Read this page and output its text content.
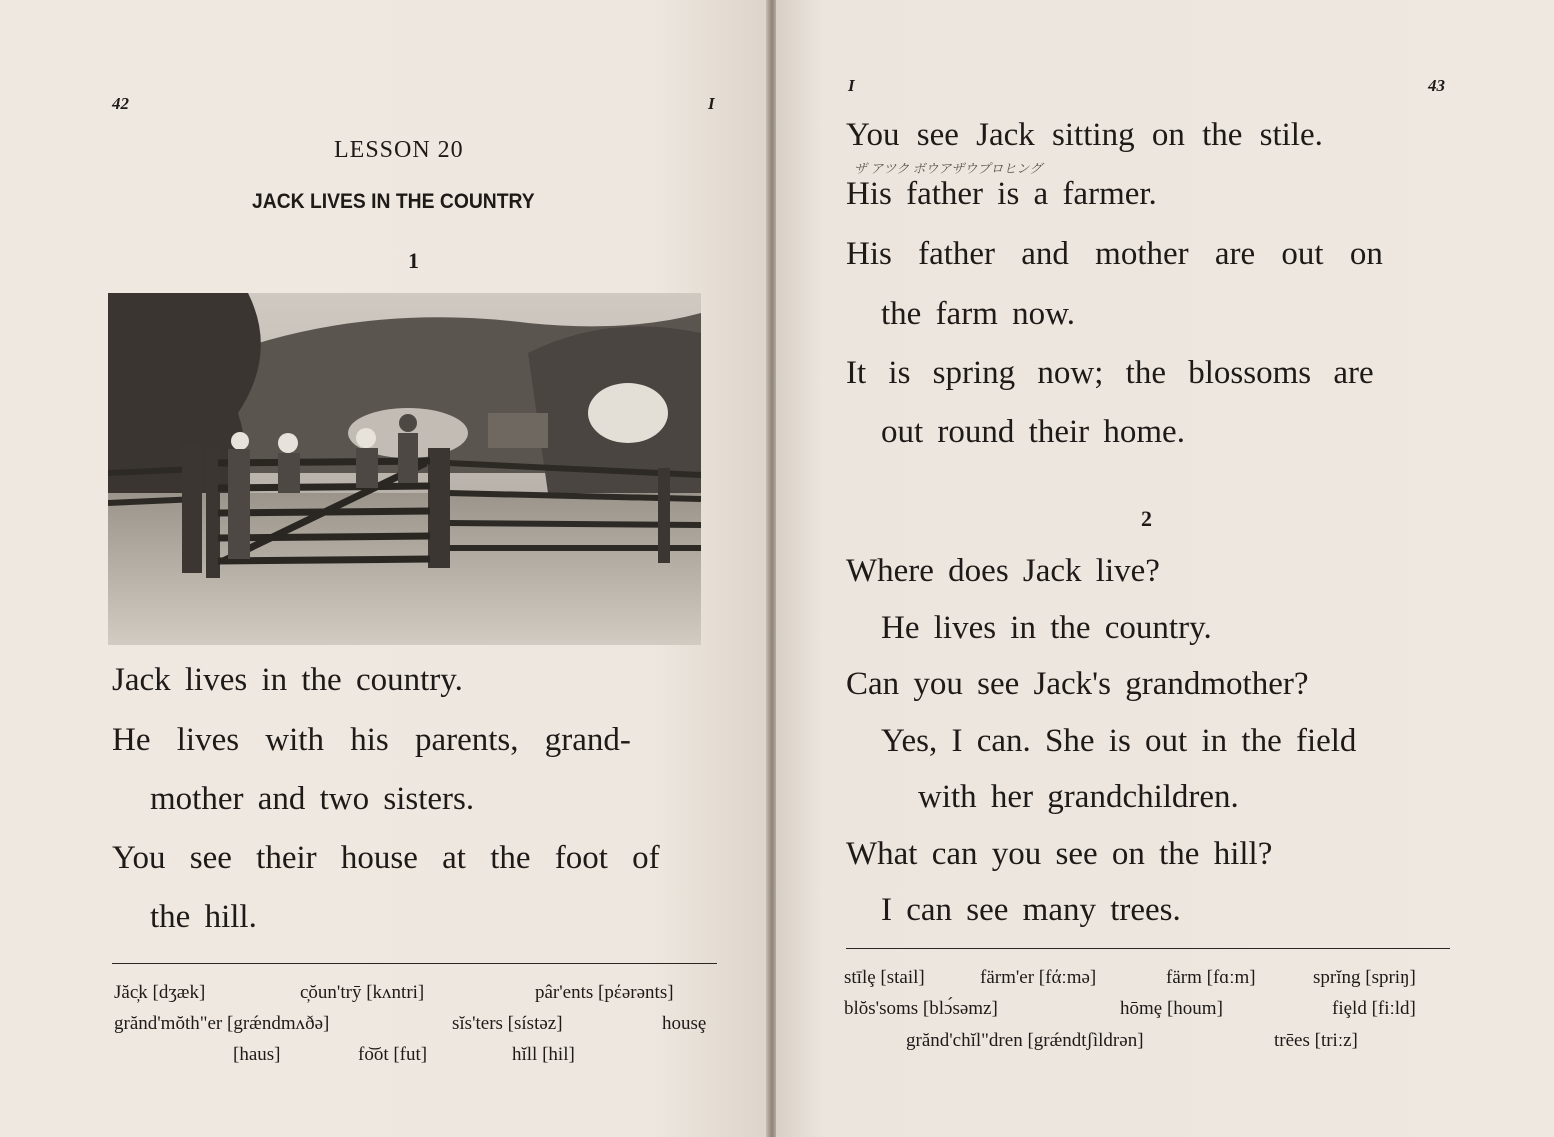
42	I
LESSON 20
JACK LIVES IN THE COUNTRY
1
Jack lives in the country.
He lives with his parents, grand-
mother and two sisters.
You see their house at the foot of
the hill.
Jăc̦k [dʒæk]	c̦ŏun'trӯ [kʌntri]	pâr'ents [pέərənts]
grănd'mŏth"er [grǽndmʌðə]	sĭs'ters [sístəz]	housȩ
[haus]	fo͝ot [fut]	hĭll [hil]
I	43
You see Jack sitting on the stile.
ザ アツク ボウアザウプロヒング
His father is a farmer.
His father and mother are out on
the farm now.
It is spring now; the blossoms are
out round their home.
2
Where does Jack live?
He lives in the country.
Can you see Jack's grandmother?
Yes, I can. She is out in the field
with her grandchildren.
What can you see on the hill?
I can see many trees.
stīlȩ [stail]	färm'er [fάːmə]	färm [fɑːm]	sprĭng [spriŋ]
blŏs'soms [blɔ́səmz]	hōmȩ [houm]	fiȩld [fiːld]
grănd'chĭl"dren [grǽndtʃìldrən]	trēes [triːz]
